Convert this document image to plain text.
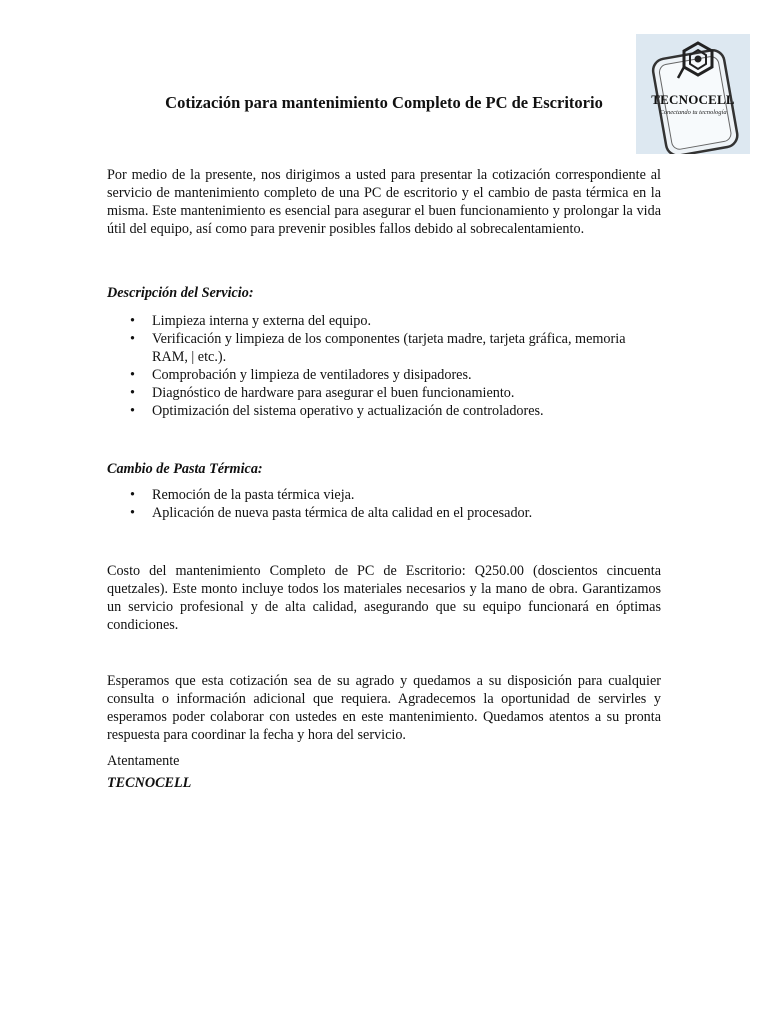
TECNOCELL
Conectando tu tecnología
Cotización para mantenimiento Completo de PC de Escritorio

Por medio de la presente, nos dirigimos a usted para presentar la cotización correspondiente al servicio de mantenimiento completo de una PC de escritorio y el cambio de pasta térmica en la misma. Este mantenimiento es esencial para asegurar el buen funcionamiento y prolongar la vida útil del equipo, así como para prevenir posibles fallos debido al sobrecalentamiento.

Descripción del Servicio:

• Limpieza interna y externa del equipo.
• Verificación y limpieza de los componentes (tarjeta madre, tarjeta gráfica, memoria RAM, | etc.).
• Comprobación y limpieza de ventiladores y disipadores.
• Diagnóstico de hardware para asegurar el buen funcionamiento.
• Optimización del sistema operativo y actualización de controladores.

Cambio de Pasta Térmica:

• Remoción de la pasta térmica vieja.
• Aplicación de nueva pasta térmica de alta calidad en el procesador.

Costo del mantenimiento Completo de PC de Escritorio: Q250.00 (doscientos cincuenta quetzales). Este monto incluye todos los materiales necesarios y la mano de obra. Garantizamos un servicio profesional y de alta calidad, asegurando que su equipo funcionará en óptimas condiciones.

Esperamos que esta cotización sea de su agrado y quedamos a su disposición para cualquier consulta o información adicional que requiera. Agradecemos la oportunidad de servirles y esperamos poder colaborar con ustedes en este mantenimiento. Quedamos atentos a su pronta respuesta para coordinar la fecha y hora del servicio.

Atentamente

TECNOCELL
